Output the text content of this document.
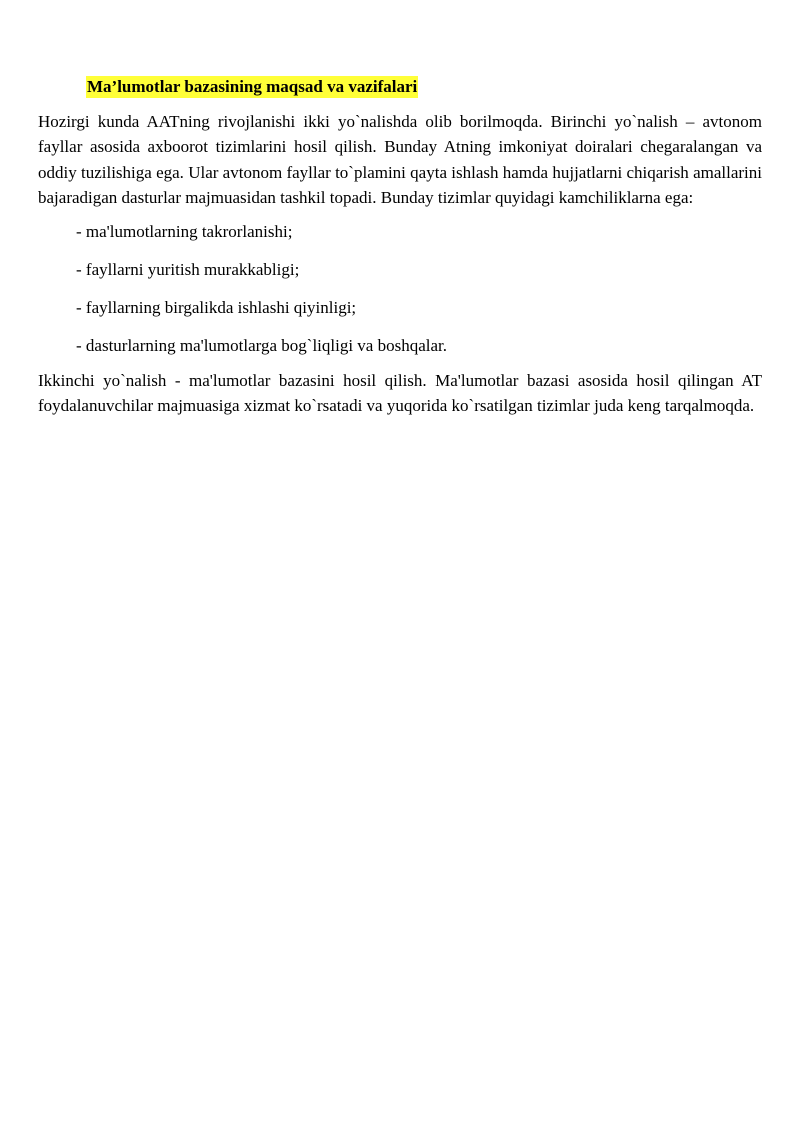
Ma’lumotlar bazasining maqsad va vazifalari

Hozirgi kunda AATning rivojlanishi ikki yo`nalishda olib borilmoqda. Birinchi yo`nalish – avtonom fayllar asosida axboorot tizimlarini hosil qilish. Bunday Atning imkoniyat doiralari chegaralangan va oddiy tuzilishiga ega. Ular avtonom fayllar to`plamini qayta ishlash hamda hujjatlarni chiqarish amallarini bajaradigan dasturlar majmuasidan tashkil topadi. Bunday tizimlar quyidagi kamchiliklarna ega:

- ma'lumotlarning takrorlanishi;
- fayllarni yuritish murakkabligi;
- fayllarning birgalikda ishlashi qiyinligi;
- dasturlarning ma'lumotlarga bog`liqligi va boshqalar.

Ikkinchi yo`nalish - ma'lumotlar bazasini hosil qilish. Ma'lumotlar bazasi asosida hosil qilingan AT foydalanuvchilar majmuasiga xizmat ko`rsatadi va yuqorida ko`rsatilgan tizimlar juda keng tarqalmoqda.
